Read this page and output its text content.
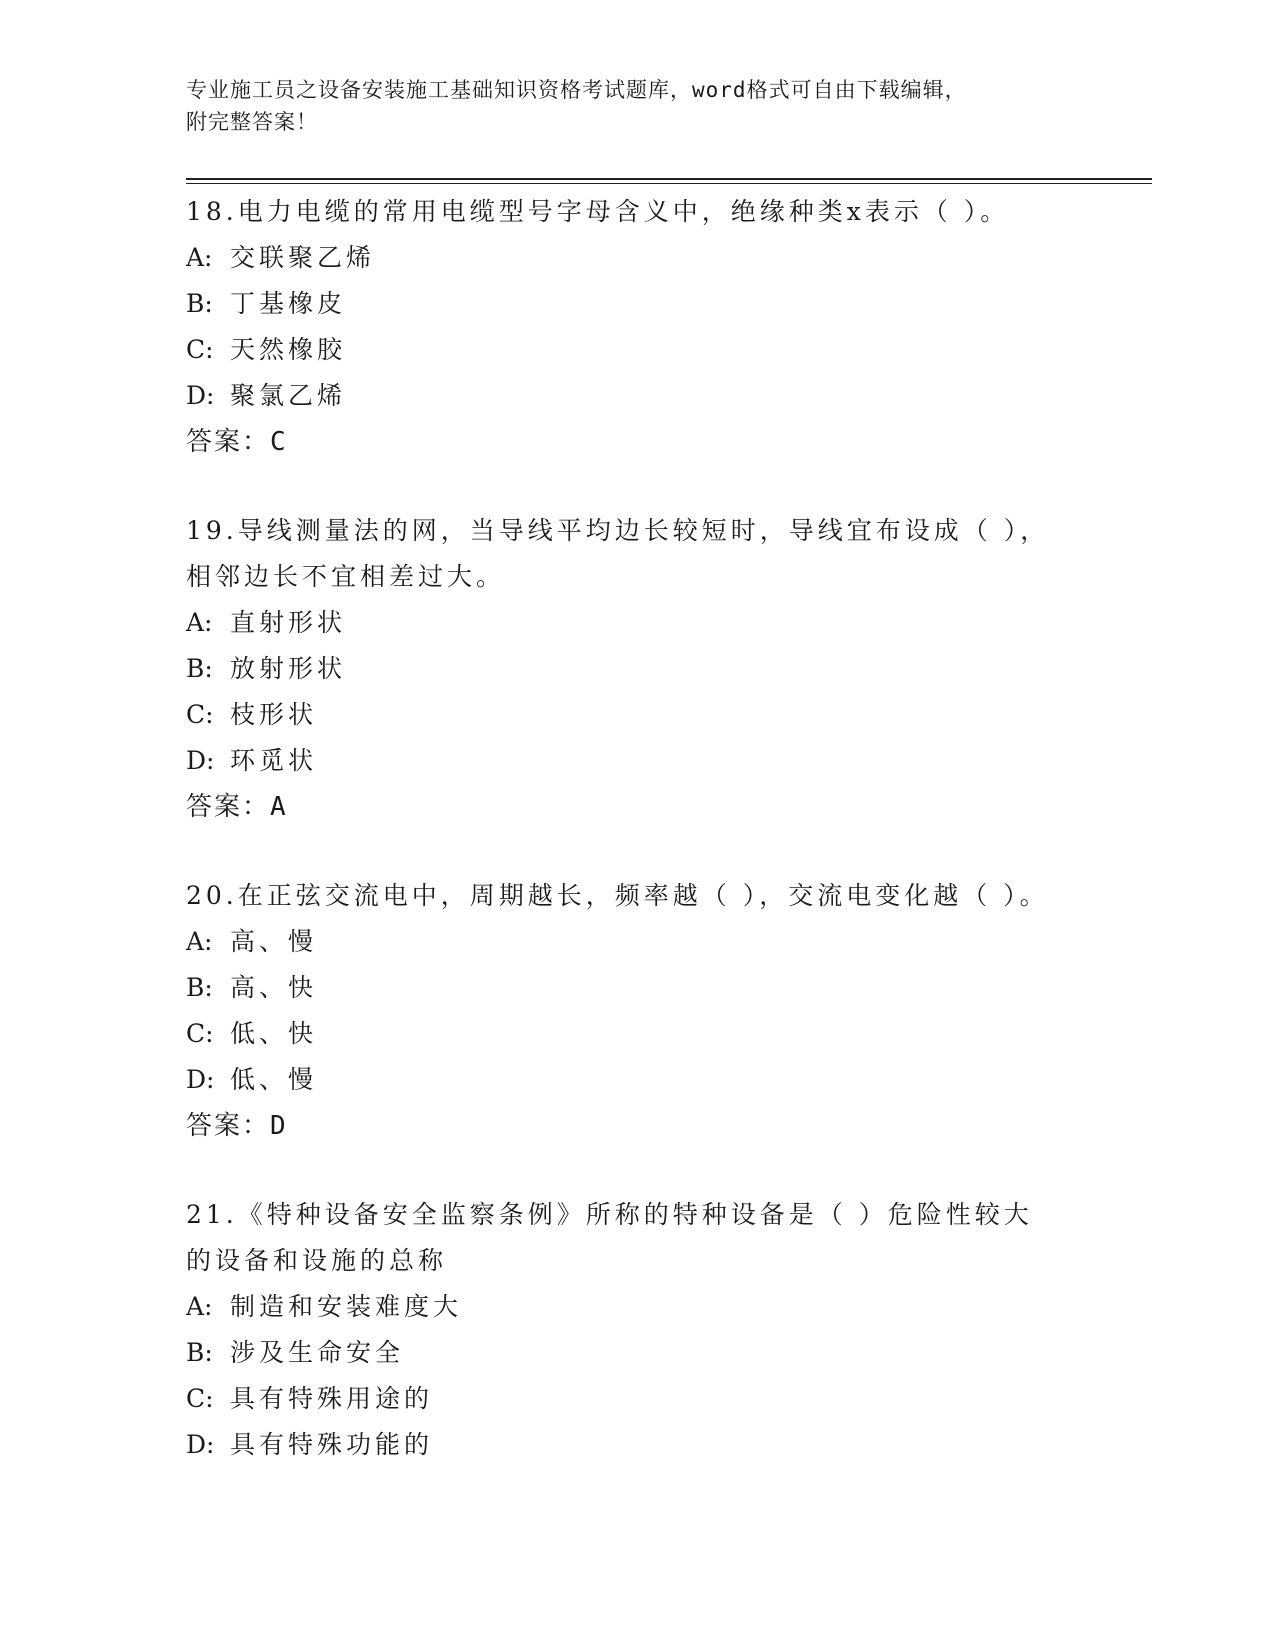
专业施工员之设备安装施工基础知识资格考试题库，word格式可自由下载编辑，
附完整答案！
18.电力电缆的常用电缆型号字母含义中，绝缘种类x表示（ ）。
A: 交联聚乙烯
B: 丁基橡皮
C: 天然橡胶
D: 聚氯乙烯
答案：C
19.导线测量法的网，当导线平均边长较短时，导线宜布设成（ ），相邻边长不宜相差过大。
A: 直射形状
B: 放射形状
C: 枝形状
D: 环觅状
答案：A
20.在正弦交流电中，周期越长，频率越（ ），交流电变化越（ ）。
A: 高、慢
B: 高、快
C: 低、快
D: 低、慢
答案：D
21.《特种设备安全监察条例》所称的特种设备是（ ）危险性较大的设备和设施的总称
A: 制造和安装难度大
B: 涉及生命安全
C: 具有特殊用途的
D: 具有特殊功能的
